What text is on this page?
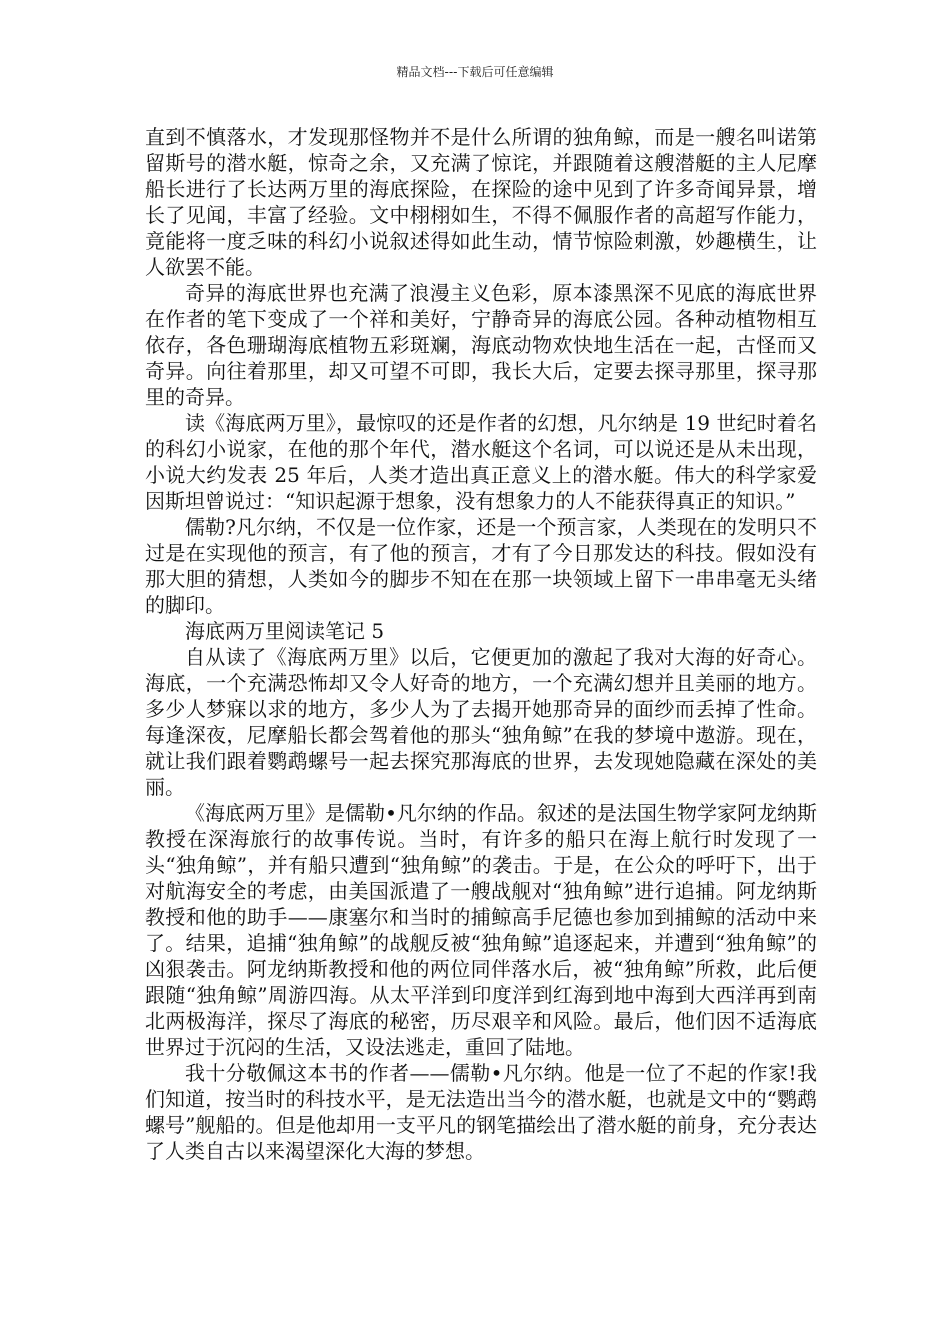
精品文档---下载后可任意编辑

直到不慎落水，才发现那怪物并不是什么所谓的独角鲸，而是一艘名叫诺第留斯号的潜水艇，惊奇之余，又充满了惊诧，并跟随着这艘潜艇的主人尼摩船长进行了长达两万里的海底探险，在探险的途中见到了许多奇闻异景，增长了见闻，丰富了经验。文中栩栩如生，不得不佩服作者的高超写作能力，竟能将一度乏味的科幻小说叙述得如此生动，情节惊险刺激，妙趣横生，让人欲罢不能。

奇异的海底世界也充满了浪漫主义色彩，原本漆黑深不见底的海底世界在作者的笔下变成了一个祥和美好，宁静奇异的海底公园。各种动植物相互依存，各色珊瑚海底植物五彩斑斓，海底动物欢快地生活在一起，古怪而又奇异。向往着那里，却又可望不可即，我长大后，定要去探寻那里，探寻那里的奇异。

读《海底两万里》，最惊叹的还是作者的幻想，凡尔纳是 19 世纪时着名的科幻小说家，在他的那个年代，潜水艇这个名词，可以说还是从未出现，小说大约发表 25 年后，人类才造出真正意义上的潜水艇。伟大的科学家爱因斯坦曾说过：“知识起源于想象，没有想象力的人不能获得真正的知识。”

儒勒?凡尔纳，不仅是一位作家，还是一个预言家，人类现在的发明只不过是在实现他的预言，有了他的预言，才有了今日那发达的科技。假如没有那大胆的猜想，人类如今的脚步不知在在那一块领域上留下一串串毫无头绪的脚印。

海底两万里阅读笔记 5

自从读了《海底两万里》以后，它便更加的激起了我对大海的好奇心。海底，一个充满恐怖却又令人好奇的地方，一个充满幻想并且美丽的地方。多少人梦寐以求的地方，多少人为了去揭开她那奇异的面纱而丢掉了性命。每逢深夜，尼摩船长都会驾着他的那头“独角鲸”在我的梦境中遨游。现在，就让我们跟着鹦鹉螺号一起去探究那海底的世界，去发现她隐藏在深处的美丽。

《海底两万里》是儒勒•凡尔纳的作品。叙述的是法国生物学家阿龙纳斯教授在深海旅行的故事传说。当时，有许多的船只在海上航行时发现了一头“独角鲸”，并有船只遭到“独角鲸”的袭击。于是，在公众的呼吁下，出于对航海安全的考虑，由美国派遣了一艘战舰对“独角鲸”进行追捕。阿龙纳斯教授和他的助手——康塞尔和当时的捕鲸高手尼德也参加到捕鲸的活动中来了。结果，追捕“独角鲸”的战舰反被“独角鲸”追逐起来，并遭到“独角鲸”的凶狠袭击。阿龙纳斯教授和他的两位同伴落水后，被“独角鲸”所救，此后便跟随“独角鲸”周游四海。从太平洋到印度洋到红海到地中海到大西洋再到南北两极海洋，探尽了海底的秘密，历尽艰辛和风险。最后，他们因不适海底世界过于沉闷的生活，又设法逃走，重回了陆地。

我十分敬佩这本书的作者——儒勒•凡尔纳。他是一位了不起的作家!我们知道，按当时的科技水平，是无法造出当今的潜水艇，也就是文中的“鹦鹉螺号”舰船的。但是他却用一支平凡的钢笔描绘出了潜水艇的前身，充分表达了人类自古以来渴望深化大海的梦想。
